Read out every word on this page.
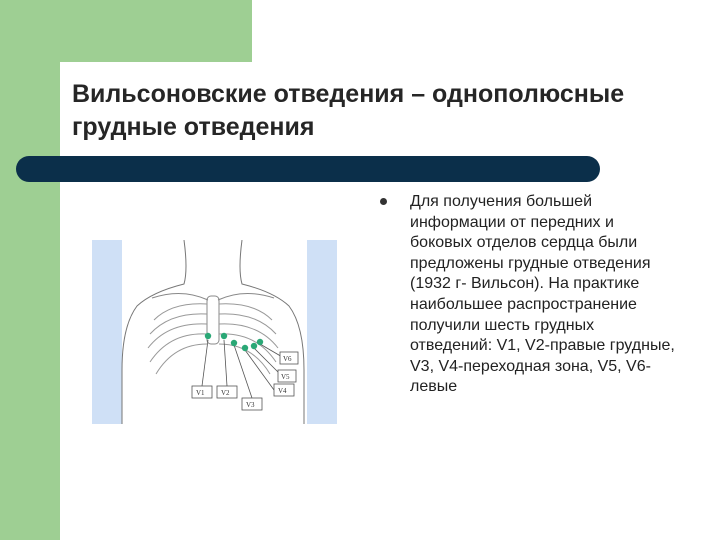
Вильсоновские отведения – однополюсные грудные отведения
V1 V2
V3
V4
V5
V6
Для получения большей информации от передних и боковых отделов сердца были предложены грудные отведения (1932 г- Вильсон). На практике наибольшее распространение получили шесть грудных отведений: V1, V2-правые грудные, V3, V4-переходная зона, V5, V6-левые
